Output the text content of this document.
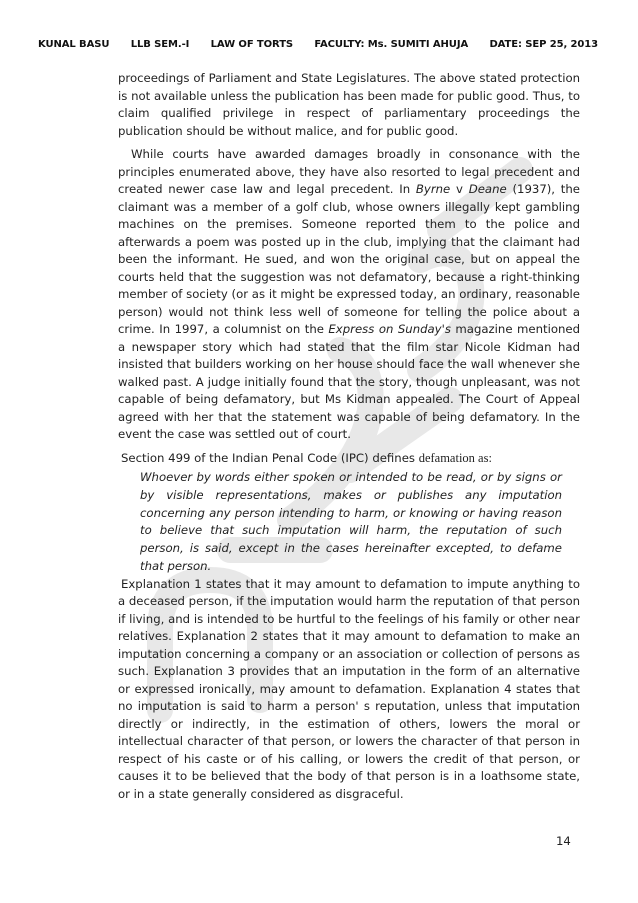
KUNAL BASU LLB SEM.-I LAW OF TORTS FACULTY: Ms. SUMITI AHUJA DATE: SEP 25, 2013

proceedings of Parliament and State Legislatures. The above stated protection is not available unless the publication has been made for public good. Thus, to claim qualified privilege in respect of parliamentary proceedings the publication should be without malice, and for public good.

While courts have awarded damages broadly in consonance with the principles enumerated above, they have also resorted to legal precedent and created newer case law and legal precedent. In Byrne v Deane (1937), the claimant was a member of a golf club, whose owners illegally kept gambling machines on the premises. Someone reported them to the police and afterwards a poem was posted up in the club, implying that the claimant had been the informant. He sued, and won the original case, but on appeal the courts held that the suggestion was not defamatory, because a right-thinking member of society (or as it might be expressed today, an ordinary, reasonable person) would not think less well of someone for telling the police about a crime. In 1997, a columnist on the Express on Sunday's magazine mentioned a newspaper story which had stated that the film star Nicole Kidman had insisted that builders working on her house should face the wall whenever she walked past. A judge initially found that the story, though unpleasant, was not capable of being defamatory, but Ms Kidman appealed. The Court of Appeal agreed with her that the statement was capable of being defamatory. In the event the case was settled out of court.

Section 499 of the Indian Penal Code (IPC) defines defamation as:

Whoever by words either spoken or intended to be read, or by signs or by visible representations, makes or publishes any imputation concerning any person intending to harm, or knowing or having reason to believe that such imputation will harm, the reputation of such person, is said, except in the cases hereinafter excepted, to defame that person.

Explanation 1 states that it may amount to defamation to impute anything to a deceased person, if the imputation would harm the reputation of that person if living, and is intended to be hurtful to the feelings of his family or other near relatives. Explanation 2 states that it may amount to defamation to make an imputation concerning a company or an association or collection of persons as such. Explanation 3 provides that an imputation in the form of an alternative or expressed ironically, may amount to defamation. Explanation 4 states that no imputation is said to harm a person' s reputation, unless that imputation directly or indirectly, in the estimation of others, lowers the moral or intellectual character of that person, or lowers the character of that person in respect of his caste or of his calling, or lowers the credit of that person, or causes it to be believed that the body of that person is in a loathsome state, or in a state generally considered as disgraceful.

14
